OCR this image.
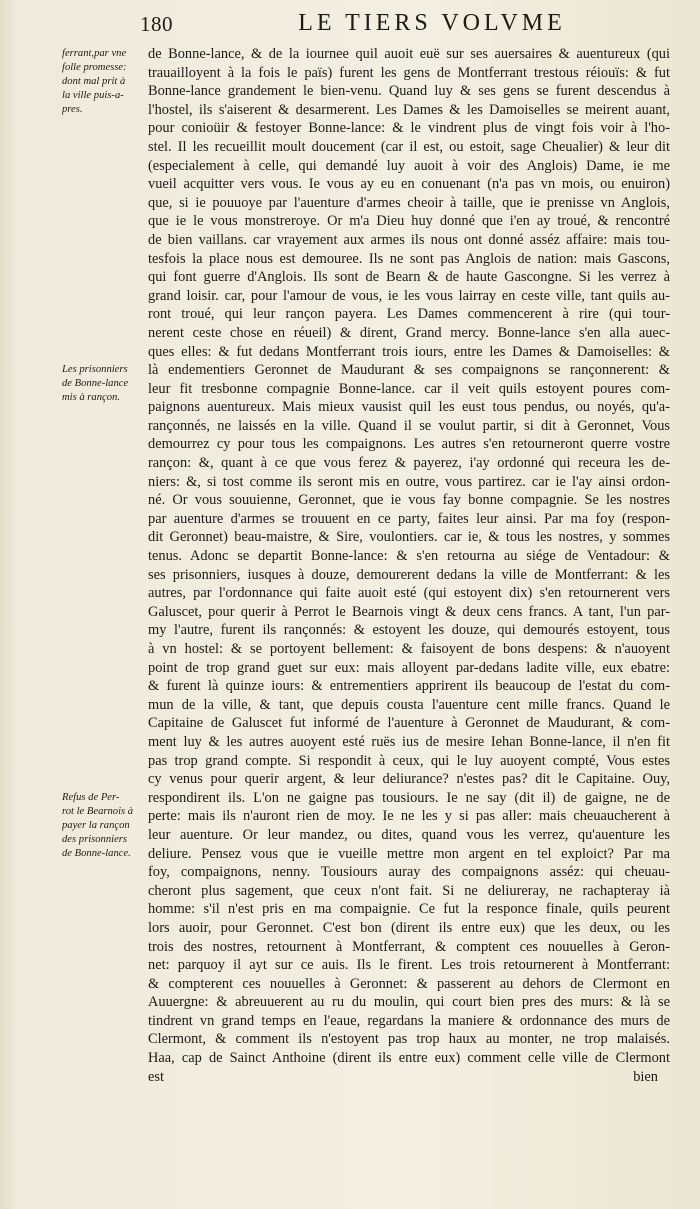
180	LE TIERS VOLVME
ferrant,par vne
folle promesse:
dont mal prit à
la ville puis-a-
pres.
Les prisonniers
de Bonne-lance
mis à rançon.
Refus de Per-
rot le Bearnois à
payer la rançon
des prisonniers
de Bonne-lance.
de Bonne-lance, & de la iournee quil auoit euë sur ses auersaires & auentureux (qui
trauailloyent à la fois le païs) furent les gens de Montferrant trestous réiouïs: & fut
Bonne-lance grandement le bien-venu. Quand luy & ses gens se furent descendus à
l'hostel, ils s'aiserent & desarmerent. Les Dames & les Damoiselles se meirent auant,
pour conioüir & festoyer Bonne-lance: & le vindrent plus de vingt fois voir à l'ho-
stel. Il les recueillit moult doucement (car il est, ou estoit, sage Cheualier) & leur dit
(especialement à celle, qui demandé luy auoit à voir des Anglois) Dame, ie me
vueil acquitter vers vous. Ie vous ay eu en conuenant (n'a pas vn mois, ou enuiron)
que, si ie pouuoye par l'auenture d'armes cheoir à taille, que ie prenisse vn Anglois,
que ie le vous monstreroye. Or m'a Dieu huy donné que i'en ay troué, & rencontré
de bien vaillans. car vrayement aux armes ils nous ont donné asséz affaire: mais tou-
tesfois la place nous est demouree. Ils ne sont pas Anglois de nation: mais Gascons,
qui font guerre d'Anglois. Ils sont de Bearn & de haute Gascongne. Si les verrez à
grand loisir. car, pour l'amour de vous, ie les vous lairray en ceste ville, tant quils au-
ront troué, qui leur rançon payera. Les Dames commencerent à rire (qui tour-
nerent ceste chose en réueil) & dirent, Grand mercy. Bonne-lance s'en alla auec-
ques elles: & fut dedans Montferrant trois iours, entre les Dames & Damoiselles: &
là endementiers Geronnet de Maudurant & ses compaignons se rançonnerent: &
leur fit tresbonne compagnie Bonne-lance. car il veit quils estoyent poures com-
paignons auentureux. Mais mieux vausist quil les eust tous pendus, ou noyés, qu'a-
rançonnés, ne laissés en la ville. Quand il se voulut partir, si dit à Geronnet, Vous
demourrez cy pour tous les compaignons. Les autres s'en retourneront querre vostre
rançon: &, quant à ce que vous ferez & payerez, i'ay ordonné qui receura les de-
niers: &, si tost comme ils seront mis en outre, vous partirez. car ie l'ay ainsi ordon-
né. Or vous souuienne, Geronnet, que ie vous fay bonne compagnie. Se les nostres
par auenture d'armes se trouuent en ce party, faites leur ainsi. Par ma foy (respon-
dit Geronnet) beau-maistre, & Sire, voulontiers. car ie, & tous les nostres, y sommes
tenus. Adonc se departit Bonne-lance: & s'en retourna au siége de Ventadour: &
ses prisonniers, iusques à douze, demourerent dedans la ville de Montferrant: & les
autres, par l'ordonnance qui faite auoit esté (qui estoyent dix) s'en retournerent vers
Galuscet, pour querir à Perrot le Bearnois vingt & deux cens francs. A tant, l'un par-
my l'autre, furent ils rançonnés: & estoyent les douze, qui demourés estoyent, tous
à vn hostel: & se portoyent bellement: & faisoyent de bons despens: & n'auoyent
point de trop grand guet sur eux: mais alloyent par-dedans ladite ville, eux ebatre:
& furent là quinze iours: & entrementiers apprirent ils beaucoup de l'estat du com-
mun de la ville, & tant, que depuis cousta l'auenture cent mille francs. Quand le
Capitaine de Galuscet fut informé de l'auenture à Geronnet de Maudurant, & com-
ment luy & les autres auoyent esté ruës ius de mesire Iehan Bonne-lance, il n'en fit
pas trop grand compte. Si respondit à ceux, qui le luy auoyent compté, Vous estes
cy venus pour querir argent, & leur deliurance? n'estes pas? dit le Capitaine. Ouy,
respondirent ils. L'on ne gaigne pas tousiours. Ie ne say (dit il) de gaigne, ne de
perte: mais ils n'auront rien de moy. Ie ne les y si pas aller: mais cheuaucherent à
leur auenture. Or leur mandez, ou dites, quand vous les verrez, qu'auenture les
deliure. Pensez vous que ie vueille mettre mon argent en tel exploict? Par ma
foy, compaignons, nenny. Tousiours auray des compaignons asséz: qui cheuau-
cheront plus sagement, que ceux n'ont fait. Si ne deliureray, ne rachapteray ià
homme: s'il n'est pris en ma compaignie. Ce fut la responce finale, quils peurent
lors auoir, pour Geronnet. C'est bon (dirent ils entre eux) que les deux, ou les
trois des nostres, retournent à Montferrant, & comptent ces nouuelles à Geron-
net: parquoy il ayt sur ce auis. Ils le firent. Les trois retournerent à Montferrant:
& compterent ces nouuelles à Geronnet: & passerent au dehors de Clermont en
Auuergne: & abreuuerent au ru du moulin, qui court bien pres des murs: & là se
tindrent vn grand temps en l'eaue, regardans la maniere & ordonnance des murs de
Clermont, & comment ils n'estoyent pas trop haux au monter, ne trop malaisés.
Haa, cap de Sainct Anthoine (dirent ils entre eux) comment celle ville de Clermont
est bien
